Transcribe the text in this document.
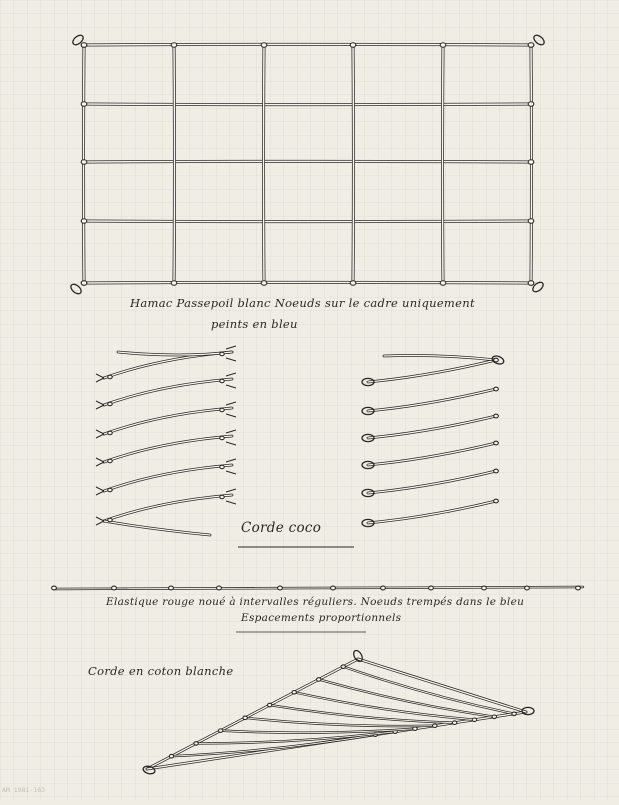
Hamac Passepoil blanc Noeuds sur le cadre uniquement
peints en bleu
Corde coco
Elastique rouge noué à intervalles réguliers. Noeuds trempés dans le bleu
Espacements proportionnels
Corde en coton blanche
AM 1981-163
